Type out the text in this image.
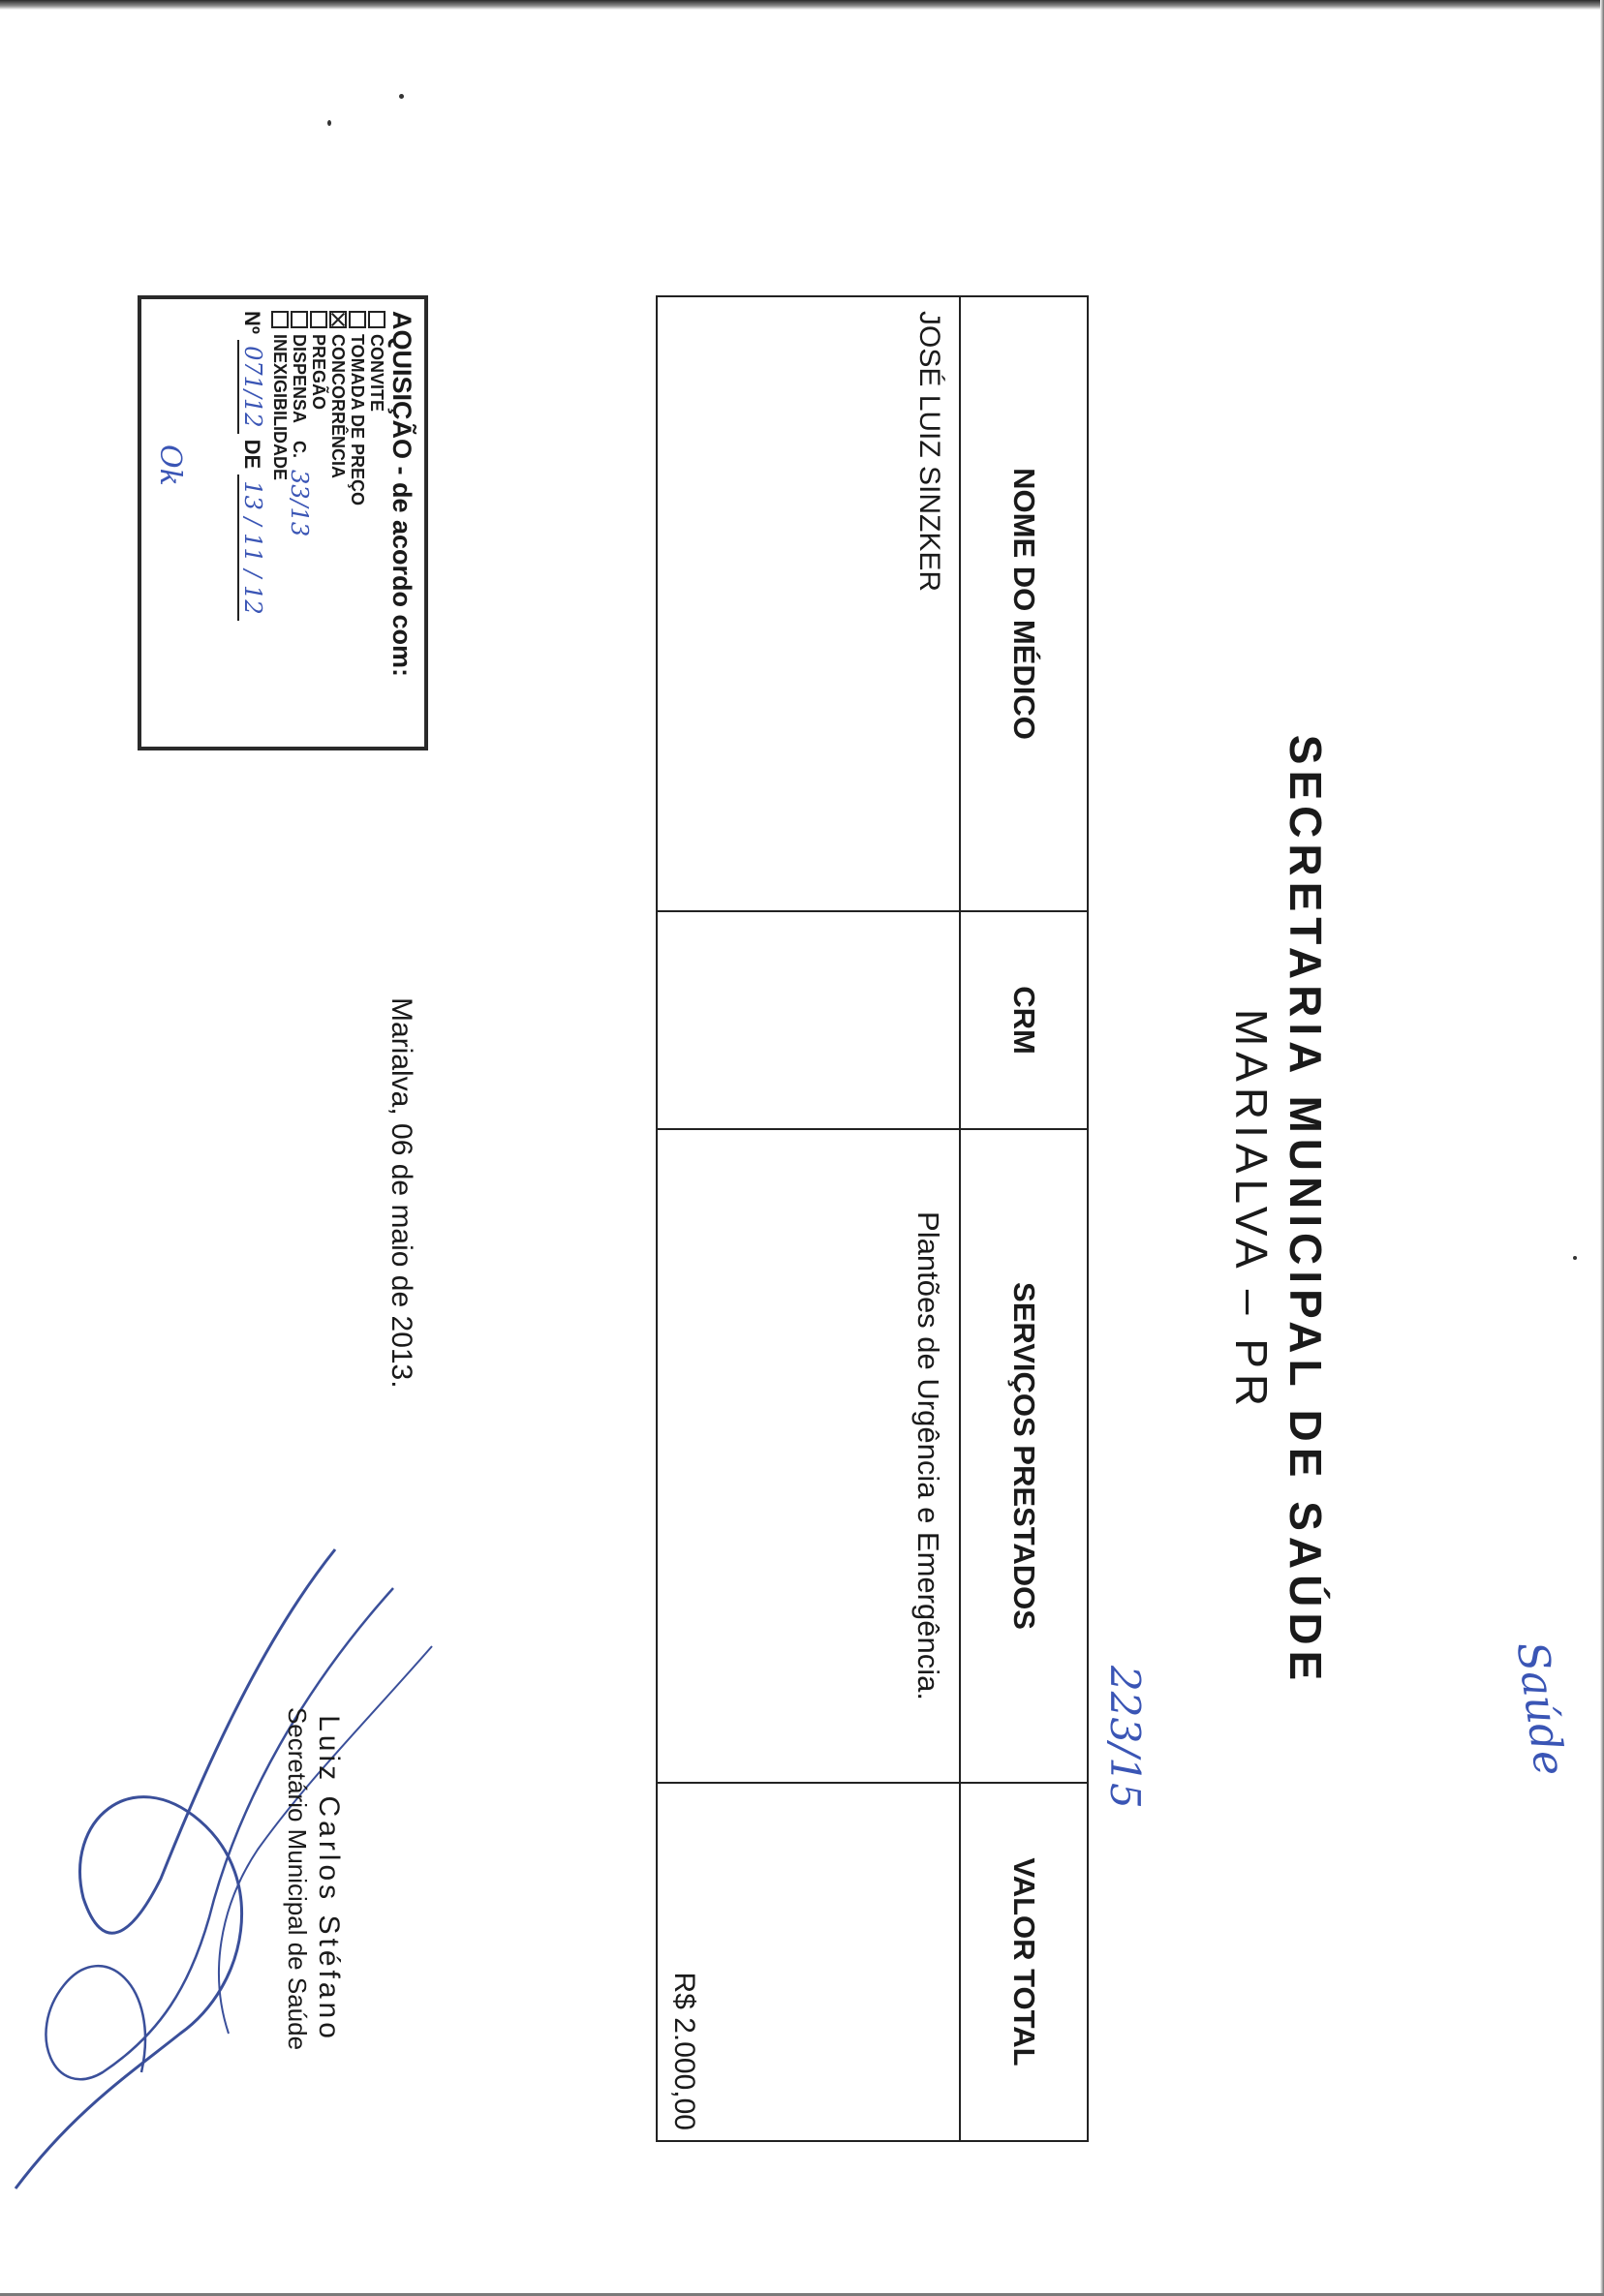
SECRETARIA MUNICIPAL DE SAÚDE
MARIALVA – PR
Saúde
223/15
NOME DO MÉDICO	CRM	SERVIÇOS PRESTADOS	VALOR TOTAL
JOSÉ LUIZ SINZKER		Plantões de Urgência e Emergência.	R$ 2.000,00
AQUISIÇÃO - de acordo com:
CONVITE
TOMADA DE PREÇO
CONCORRÊNCIA
PREGÃO
DISPENSA
C.
33/13
INEXIGIBILIDADE
Nº 071/12 DE 13 / 11 / 12
Ok
Marialva, 06 de maio de 2013.
Luiz Carlos Stéfano
Secretário Municipal de Saúde
